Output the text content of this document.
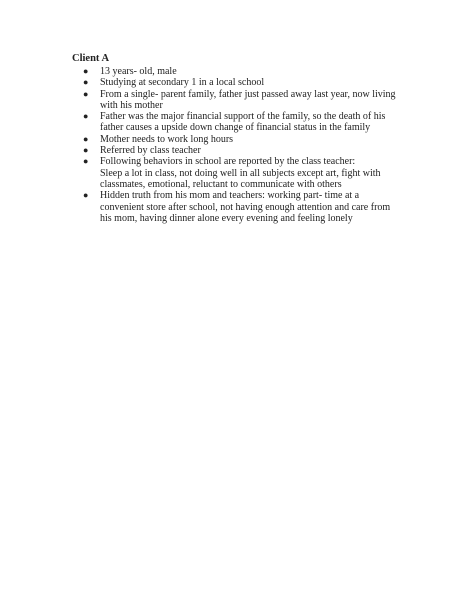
Client A
● 13 years- old, male
● Studying at secondary 1 in a local school
● From a single- parent family, father just passed away last year, now living
with his mother
● Father was the major financial support of the family, so the death of his
father causes a upside down change of financial status in the family
● Mother needs to work long hours
● Referred by class teacher
● Following behaviors in school are reported by the class teacher:
Sleep a lot in class, not doing well in all subjects except art, fight with
classmates, emotional, reluctant to communicate with others
● Hidden truth from his mom and teachers: working part- time at a
convenient store after school, not having enough attention and care from
his mom, having dinner alone every evening and feeling lonely
